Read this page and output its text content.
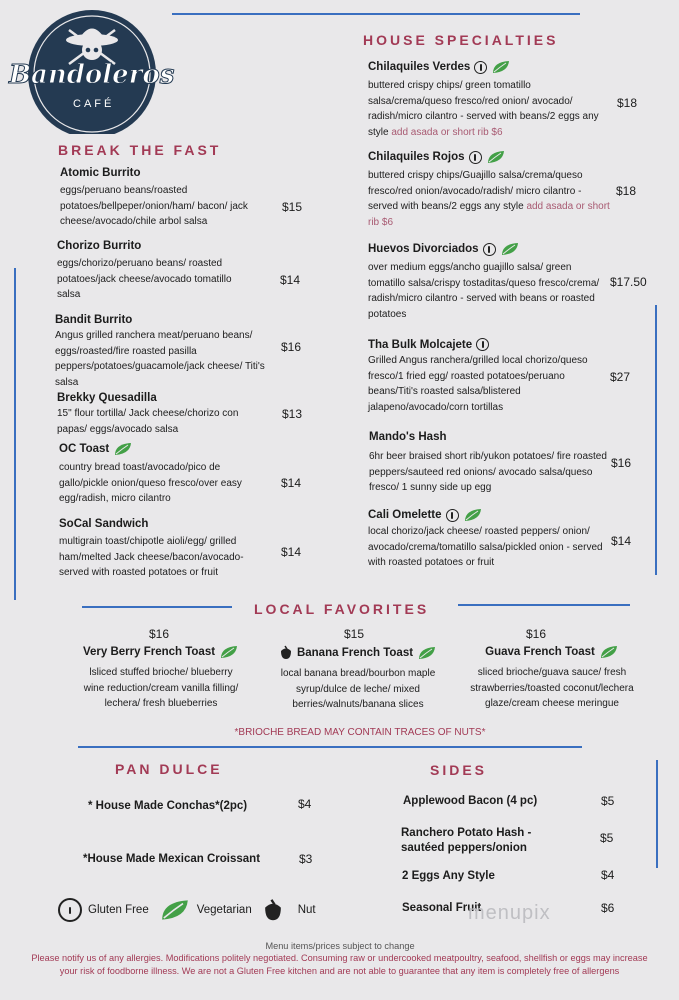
Bandoleros
CAFÉ
HOUSE SPECIALTIES
BREAK THE FAST
LOCAL FAVORITES
PAN DULCE	SIDES
Atomic Burrito
eggs/peruano beans/roasted potatoes/bellpeper/onion/ham/ bacon/ jack cheese/avocado/chile arbol salsa
$15
Chorizo Burrito
eggs/chorizo/peruano beans/ roasted potatoes/jack cheese/avocado tomatillo salsa
$14
Bandit Burrito
Angus grilled ranchera meat/peruano beans/ eggs/roasted/fire roasted pasilla peppers/potatoes/guacamole/jack cheese/ Titi's salsa
$16
Brekky Quesadilla
15" flour tortilla/ Jack cheese/chorizo con papas/ eggs/avocado salsa
$13
OC Toast
country bread toast/avocado/pico de gallo/pickle onion/queso fresco/over easy egg/radish, micro cilantro
$14
SoCal Sandwich
multigrain toast/chipotle aioli/egg/ grilled ham/melted Jack cheese/bacon/avocado- served with roasted potatoes or fruit
$14
Chilaquiles Verdes
buttered crispy chips/ green tomatillo salsa/crema/queso fresco/red onion/ avocado/ radish/micro cilantro - served with beans/2 eggs any style add asada or short rib $6
$18
Chilaquiles Rojos
buttered crispy chips/Guajillo salsa/crema/queso fresco/red onion/avocado/radish/ micro cilantro - served with beans/2 eggs any style add asada or short rib $6
$18
Huevos Divorciados
over medium eggs/ancho guajillo salsa/ green tomatillo salsa/crispy tostaditas/queso fresco/crema/ radish/micro cilantro - served with beans or roasted potatoes
$17.50
Tha Bulk Molcajete
Grilled Angus ranchera/grilled local chorizo/queso fresco/1 fried egg/ roasted potatoes/peruano beans/Titi's roasted salsa/blistered jalapeno/avocado/corn tortillas
$27
Mando's Hash
6hr beer braised short rib/yukon potatoes/ fire roasted peppers/sauteed red onions/ avocado salsa/queso fresco/ 1 sunny side up egg
$16
Cali Omelette
local chorizo/jack cheese/ roasted peppers/ onion/ avocado/crema/tomatillo salsa/pickled onion - served with roasted potatoes or fruit
$14
$16
Very Berry French Toast
lsliced stuffed brioche/ blueberry wine reduction/cream vanilla filling/ lechera/ fresh blueberries
$15
Banana French Toast
local banana bread/bourbon maple syrup/dulce de leche/ mixed berries/walnuts/banana slices
$16
Guava French Toast
sliced brioche/guava sauce/ fresh strawberries/toasted coconut/lechera glaze/cream cheese meringue
*BRIOCHE BREAD MAY CONTAIN TRACES OF NUTS*
* House Made Conchas*(2pc)	$4
*House Made Mexican Croissant	$3
Applewood Bacon (4 pc)	$5
Ranchero Potato Hash - sautéed peppers/onion
$5
2 Eggs Any Style	$4
Seasonal Fruit	$6
menupix
Gluten Free	Vegetarian	Nut
Menu items/prices subject to change
Please notify us of any allergies. Modifications politely negotiated. Consuming raw or undercooked meatpoultry, seafood, shellfish or eggs may increase your risk of foodborne illness. We are not a Gluten Free kitchen and are not able to guarantee that any item is completely free of allergens
